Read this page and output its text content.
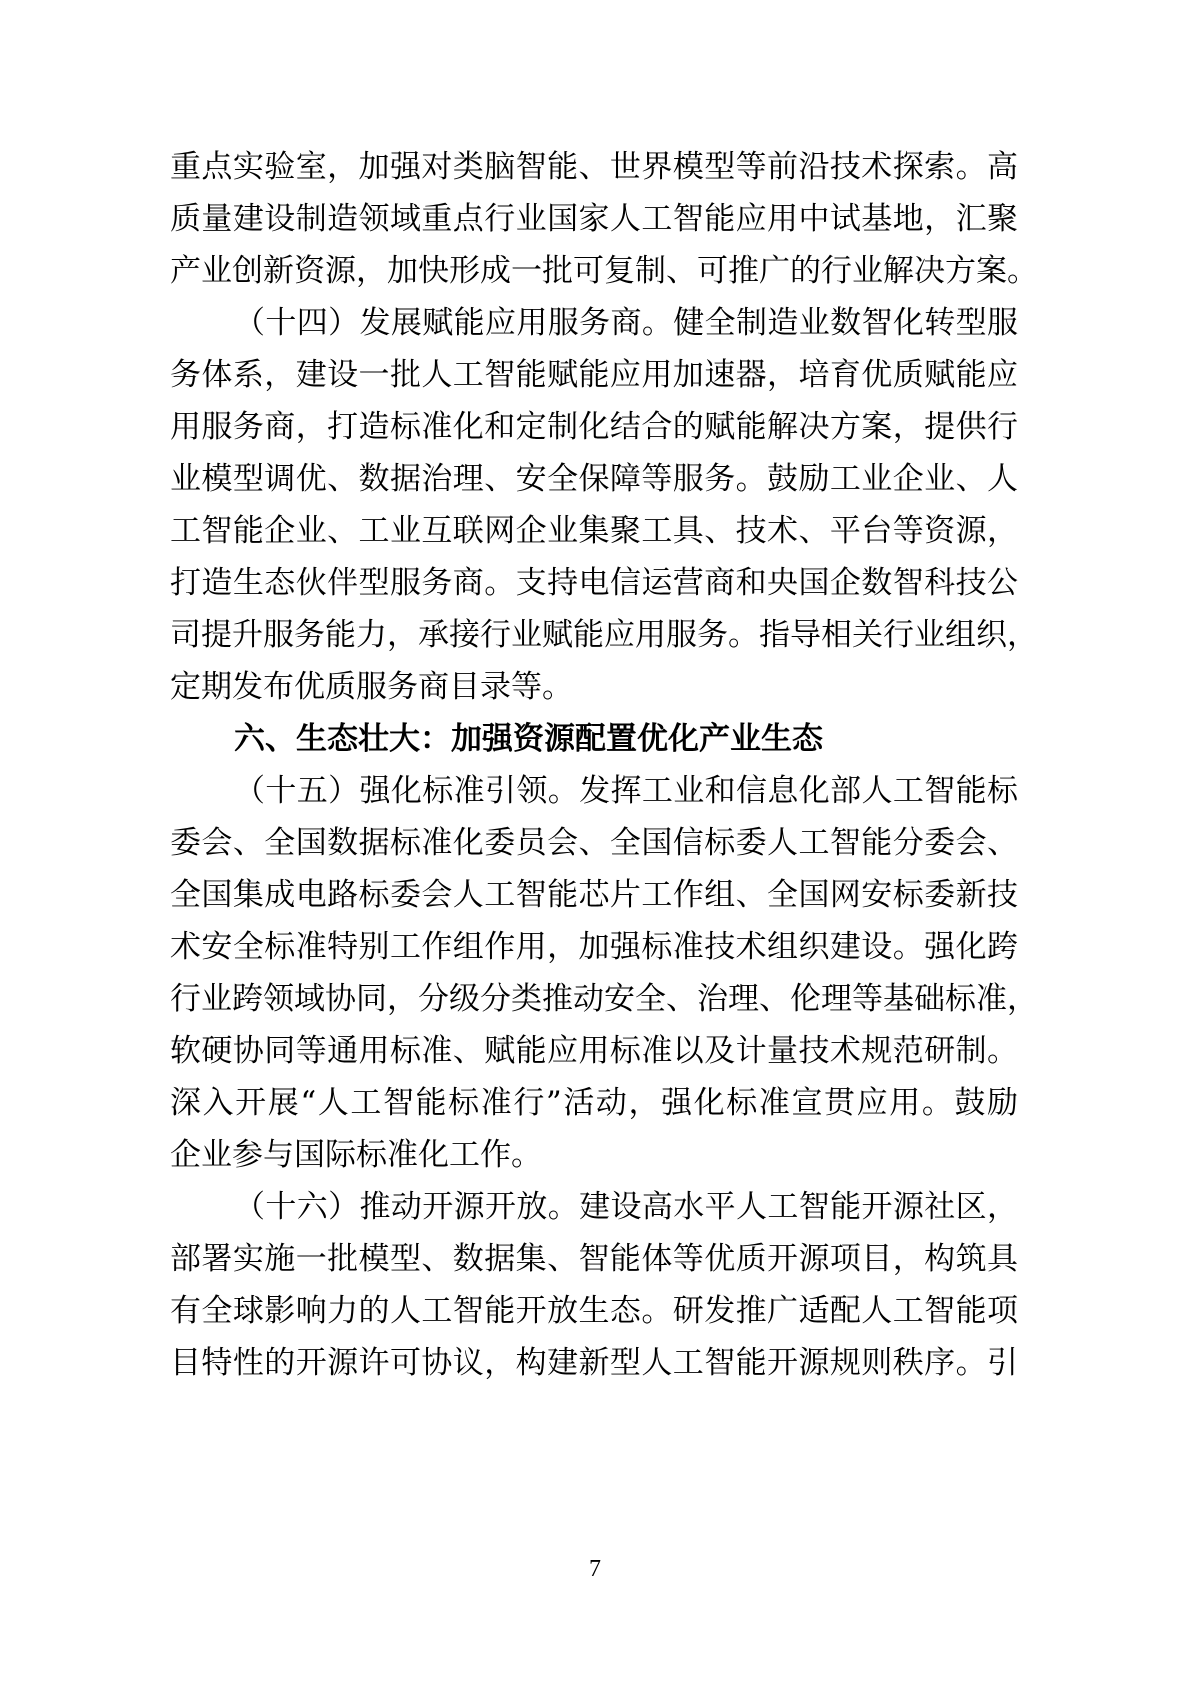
重点实验室，加强对类脑智能、世界模型等前沿技术探索。高
质量建设制造领域重点行业国家人工智能应用中试基地，汇聚
产业创新资源，加快形成一批可复制、可推广的行业解决方案。
（十四）发展赋能应用服务商。健全制造业数智化转型服
务体系，建设一批人工智能赋能应用加速器，培育优质赋能应
用服务商，打造标准化和定制化结合的赋能解决方案，提供行
业模型调优、数据治理、安全保障等服务。鼓励工业企业、人
工智能企业、工业互联网企业集聚工具、技术、平台等资源，
打造生态伙伴型服务商。支持电信运营商和央国企数智科技公
司提升服务能力，承接行业赋能应用服务。指导相关行业组织，
定期发布优质服务商目录等。
六、生态壮大：加强资源配置优化产业生态
（十五）强化标准引领。发挥工业和信息化部人工智能标
委会、全国数据标准化委员会、全国信标委人工智能分委会、
全国集成电路标委会人工智能芯片工作组、全国网安标委新技
术安全标准特别工作组作用，加强标准技术组织建设。强化跨
行业跨领域协同，分级分类推动安全、治理、伦理等基础标准，
软硬协同等通用标准、赋能应用标准以及计量技术规范研制。
深入开展“人工智能标准行”活动，强化标准宣贯应用。鼓励
企业参与国际标准化工作。
（十六）推动开源开放。建设高水平人工智能开源社区，
部署实施一批模型、数据集、智能体等优质开源项目，构筑具
有全球影响力的人工智能开放生态。研发推广适配人工智能项
目特性的开源许可协议，构建新型人工智能开源规则秩序。引
7
